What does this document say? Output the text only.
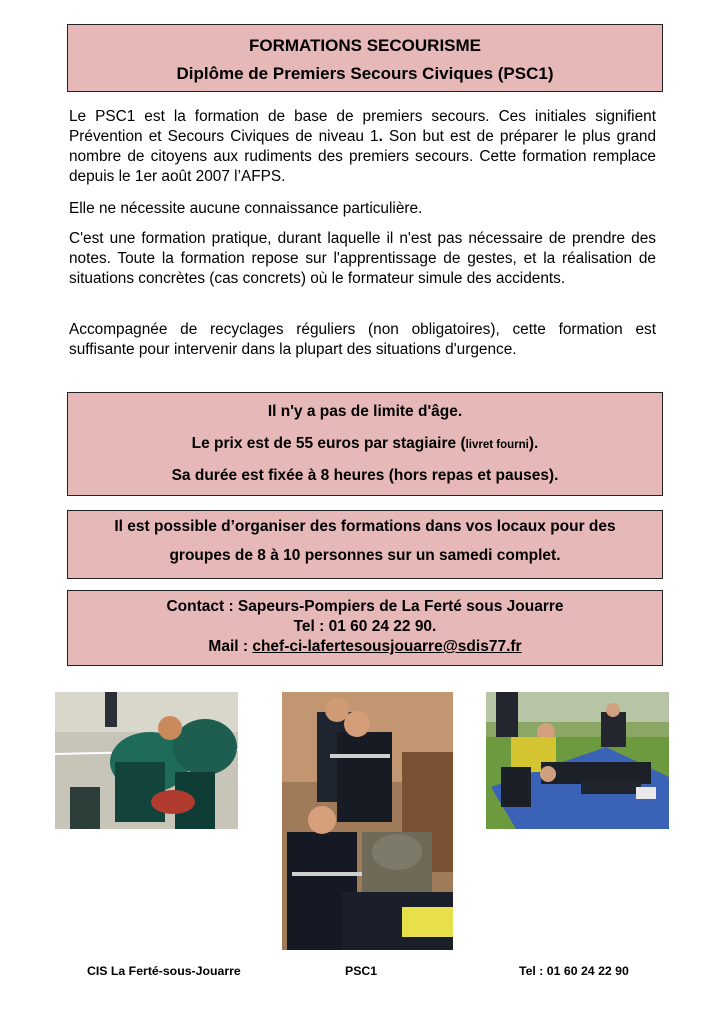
FORMATIONS SECOURISME
Diplôme de Premiers Secours Civiques (PSC1)
Le PSC1 est la formation de base de premiers secours. Ces initiales signifient Prévention et Secours Civiques de niveau 1. Son but est de préparer le plus grand nombre de citoyens aux rudiments des premiers secours. Cette formation remplace depuis le 1er août 2007 l’AFPS.
Elle ne nécessite aucune connaissance particulière.
C'est une formation pratique, durant laquelle il n'est pas nécessaire de prendre des notes. Toute la formation repose sur l'apprentissage de gestes, et la réalisation de situations concrètes (cas concrets) où le formateur simule des accidents.
Accompagnée de recyclages réguliers (non obligatoires), cette formation est suffisante pour intervenir dans la plupart des situations d'urgence.
Il n'y a pas de limite d'âge.
Le prix est de 55 euros par stagiaire (livret fourni).
Sa durée est fixée à 8 heures (hors repas et pauses).
Il est possible d’organiser des formations dans vos locaux pour des
groupes de 8 à 10 personnes sur un samedi complet.
Contact : Sapeurs-Pompiers de La Ferté sous Jouarre
Tel : 01 60 24 22 90.
Mail : chef-ci-lafertesousjouarre@sdis77.fr
CIS La Ferté-sous-Jouarre	PSC1	Tel : 01 60 24 22 90
